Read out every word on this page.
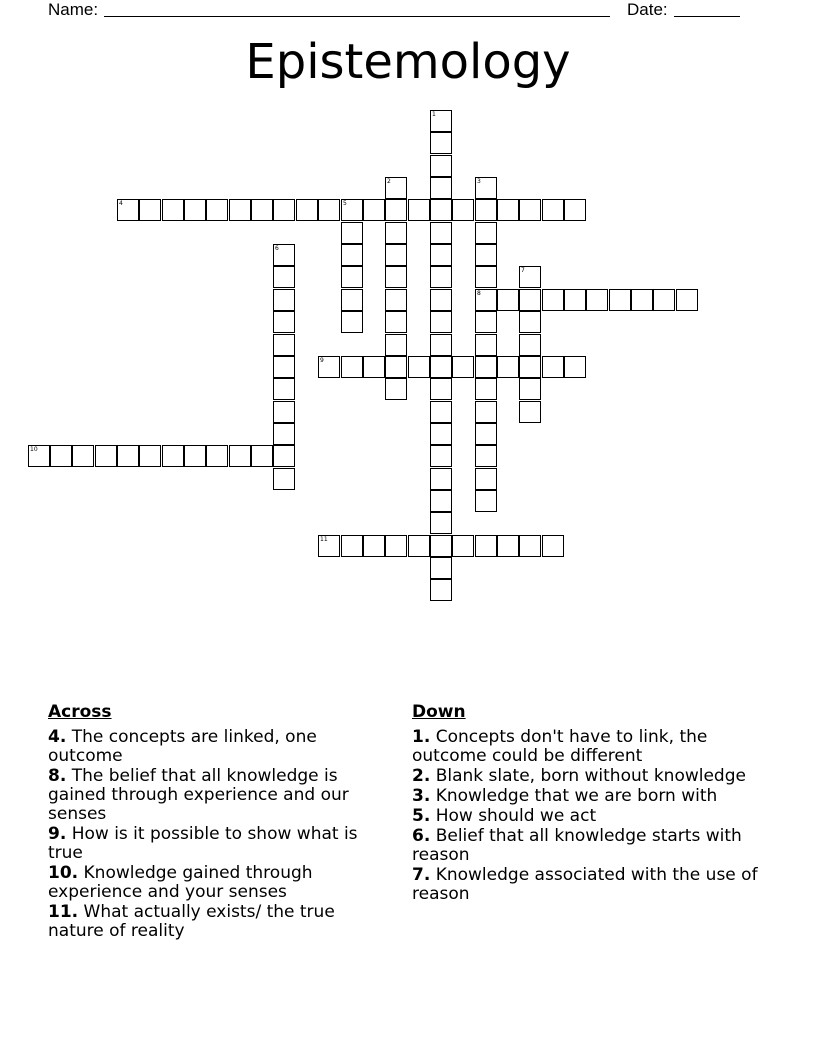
Name:	Date:
Epistemology
1
2	3
8
4	5
6
7
9
10
11
Across
4. The concepts are linked, one outcome
8. The belief that all knowledge is gained through experience and our senses
9. How is it possible to show what is true
10. Knowledge gained through experience and your senses
11. What actually exists/ the true nature of reality
Down
1. Concepts don't have to link, the outcome could be different
2. Blank slate, born without knowledge
3. Knowledge that we are born with
5. How should we act
6. Belief that all knowledge starts with reason
7. Knowledge associated with the use of reason
